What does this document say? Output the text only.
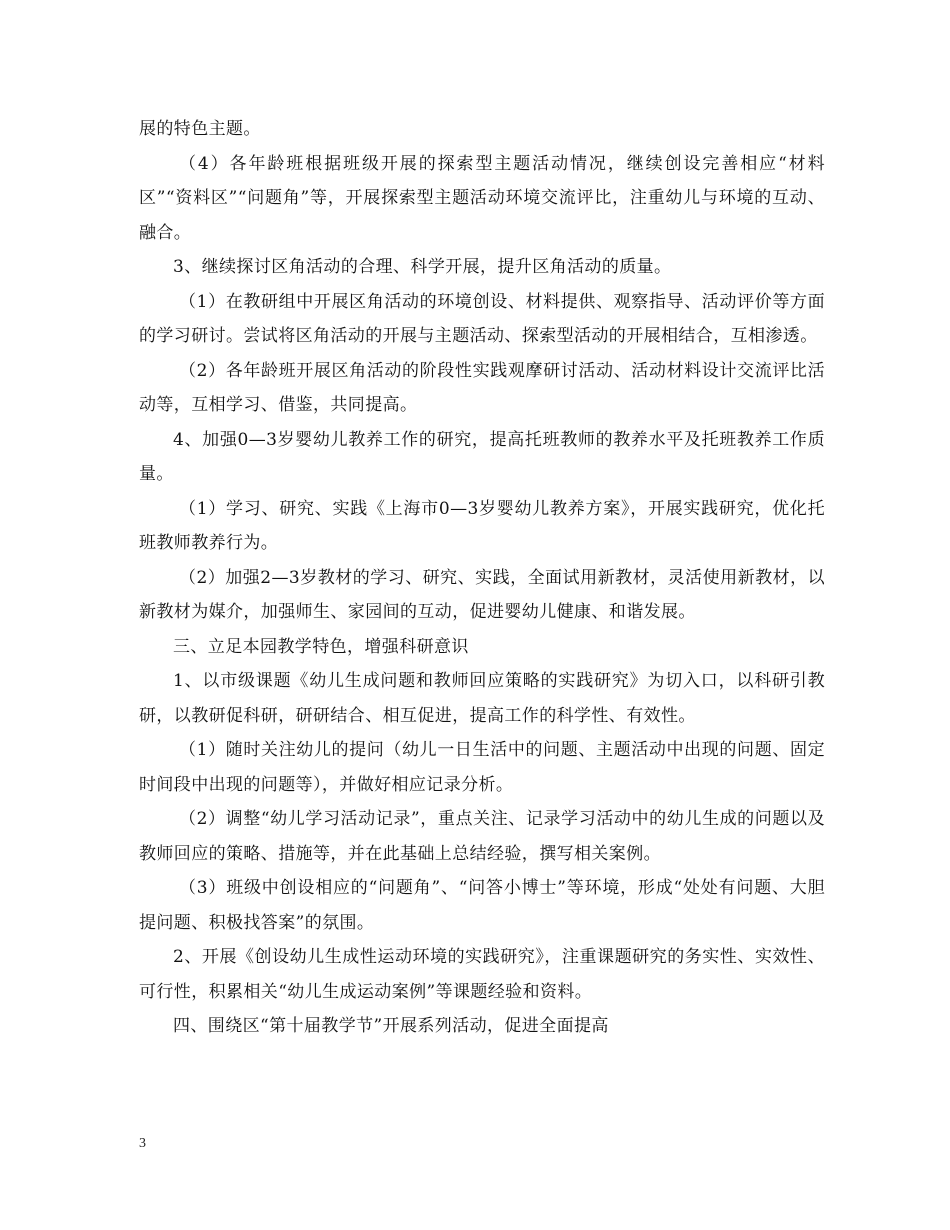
展的特色主题。

（4）各年龄班根据班级开展的探索型主题活动情况，继续创设完善相应“材料区”“资料区”“问题角”等，开展探索型主题活动环境交流评比，注重幼儿与环境的互动、融合。

3、继续探讨区角活动的合理、科学开展，提升区角活动的质量。

（1）在教研组中开展区角活动的环境创设、材料提供、观察指导、活动评价等方面的学习研讨。尝试将区角活动的开展与主题活动、探索型活动的开展相结合，互相渗透。

（2）各年龄班开展区角活动的阶段性实践观摩研讨活动、活动材料设计交流评比活动等，互相学习、借鉴，共同提高。

4、加强0—3岁婴幼儿教养工作的研究，提高托班教师的教养水平及托班教养工作质量。

（1）学习、研究、实践《上海市0—3岁婴幼儿教养方案》，开展实践研究，优化托班教师教养行为。

（2）加强2—3岁教材的学习、研究、实践，全面试用新教材，灵活使用新教材，以新教材为媒介，加强师生、家园间的互动，促进婴幼儿健康、和谐发展。

三、立足本园教学特色，增强科研意识

1、以市级课题《幼儿生成问题和教师回应策略的实践研究》为切入口，以科研引教研，以教研促科研，研研结合、相互促进，提高工作的科学性、有效性。

（1）随时关注幼儿的提问（幼儿一日生活中的问题、主题活动中出现的问题、固定时间段中出现的问题等），并做好相应记录分析。

（2）调整“幼儿学习活动记录”，重点关注、记录学习活动中的幼儿生成的问题以及教师回应的策略、措施等，并在此基础上总结经验，撰写相关案例。

（3）班级中创设相应的“问题角”、“问答小博士”等环境，形成“处处有问题、大胆提问题、积极找答案”的氛围。

2、开展《创设幼儿生成性运动环境的实践研究》，注重课题研究的务实性、实效性、可行性，积累相关“幼儿生成运动案例”等课题经验和资料。

四、围绕区“第十届教学节”开展系列活动，促进全面提高

3
